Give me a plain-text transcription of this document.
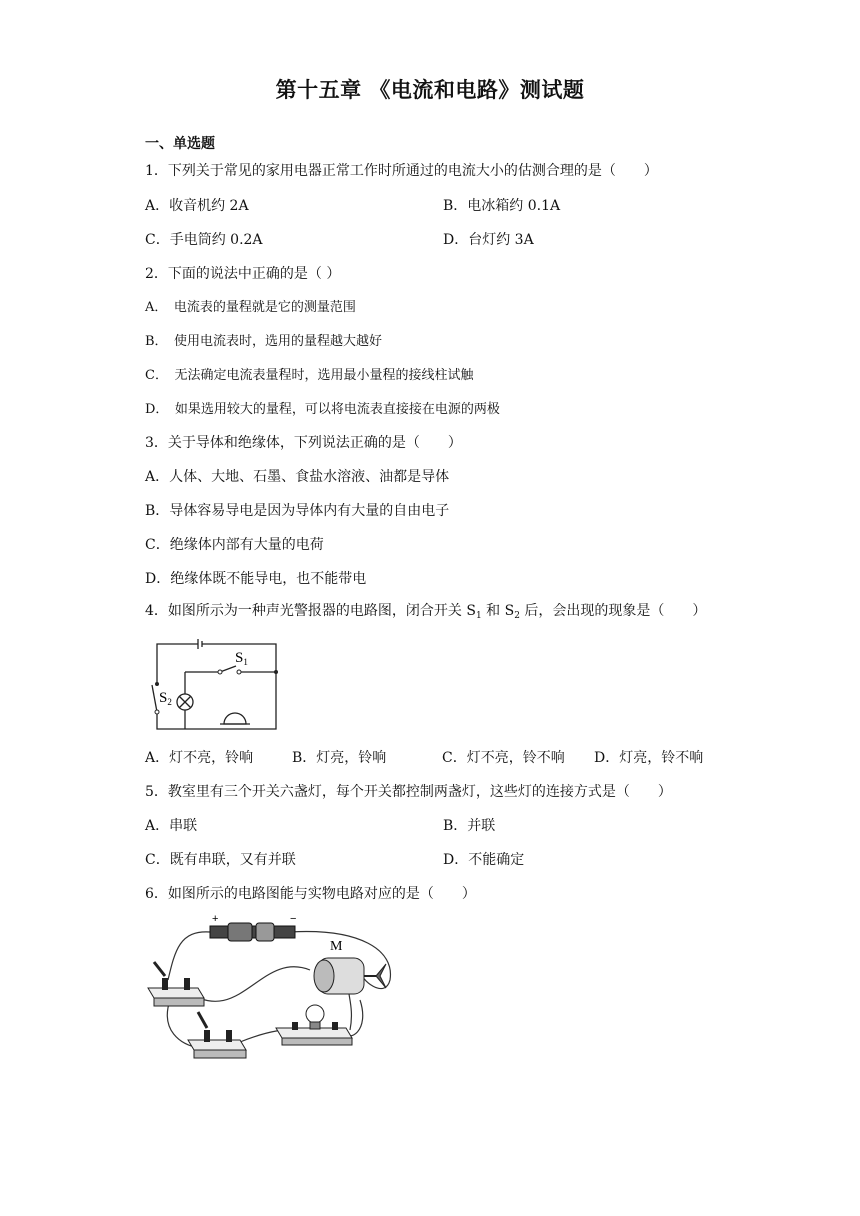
第十五章 《电流和电路》测试题
一、单选题
1．下列关于常见的家用电器正常工作时所通过的电流大小的估测合理的是（　　）
A．收音机约 2A	B．电冰箱约 0.1A
C．手电筒约 0.2A	D．台灯约 3A
2．下面的说法中正确的是（ ）
A．　电流表的量程就是它的测量范围
B．　使用电流表时，选用的量程越大越好
C．　无法确定电流表量程时，选用最小量程的接线柱试触
D．　如果选用较大的量程，可以将电流表直接接在电源的两极
3．关于导体和绝缘体，下列说法正确的是（　　）
A．人体、大地、石墨、食盐水溶液、油都是导体
B．导体容易导电是因为导体内有大量的自由电子
C．绝缘体内部有大量的电荷
D．绝缘体既不能导电，也不能带电
4．如图所示为一种声光警报器的电路图，闭合开关 $S_1$ 和 $S_2$ 后，会出现的现象是（　　）
$S_1$
$S_2$
A．灯不亮，铃响	B．灯亮，铃响	C．灯不亮，铃不响 D．灯亮，铃不响
5．教室里有三个开关六盏灯，每个开关都控制两盏灯，这些灯的连接方式是（　　）
A．串联	B．并联
C．既有串联，又有并联	D．不能确定
6．如图所示的电路图能与实物电路对应的是（　　）
+	−
M
